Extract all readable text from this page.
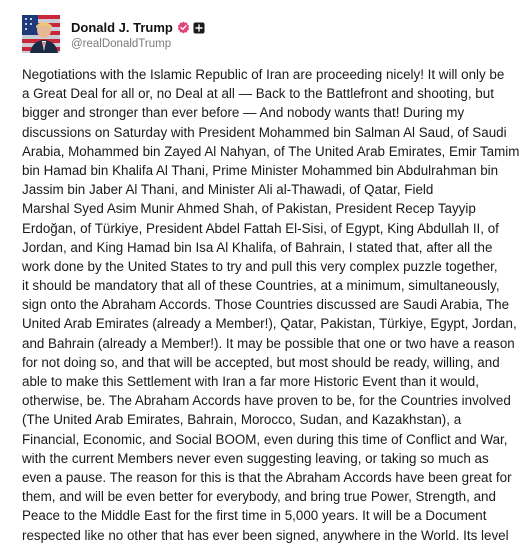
Donald J. Trump
@realDonaldTrump
Negotiations with the Islamic Republic of Iran are proceeding nicely! It will only be
a Great Deal for all or, no Deal at all — Back to the Battlefront and shooting, but
bigger and stronger than ever before — And nobody wants that! During my
discussions on Saturday with President Mohammed bin Salman Al Saud, of Saudi
Arabia, Mohammed bin Zayed Al Nahyan, of The United Arab Emirates, Emir Tamim
bin Hamad bin Khalifa Al Thani, Prime Minister Mohammed bin Abdulrahman bin
Jassim bin Jaber Al Thani, and Minister Ali al-Thawadi, of Qatar, Field
Marshal Syed Asim Munir Ahmed Shah, of Pakistan, President Recep Tayyip
Erdoğan, of Türkiye, President Abdel Fattah El-Sisi, of Egypt, King Abdullah II, of
Jordan, and King Hamad bin Isa Al Khalifa, of Bahrain, I stated that, after all the
work done by the United States to try and pull this very complex puzzle together,
it should be mandatory that all of these Countries, at a minimum, simultaneously,
sign onto the Abraham Accords. Those Countries discussed are Saudi Arabia, The
United Arab Emirates (already a Member!), Qatar, Pakistan, Türkiye, Egypt, Jordan,
and Bahrain (already a Member!). It may be possible that one or two have a reason
for not doing so, and that will be accepted, but most should be ready, willing, and
able to make this Settlement with Iran a far more Historic Event than it would,
otherwise, be. The Abraham Accords have proven to be, for the Countries involved
(The United Arab Emirates, Bahrain, Morocco, Sudan, and Kazakhstan), a
Financial, Economic, and Social BOOM, even during this time of Conflict and War,
with the current Members never even suggesting leaving, or taking so much as
even a pause. The reason for this is that the Abraham Accords have been great for
them, and will be even better for everybody, and bring true Power, Strength, and
Peace to the Middle East for the first time in 5,000 years. It will be a Document
respected like no other that has ever been signed, anywhere in the World. Its level
